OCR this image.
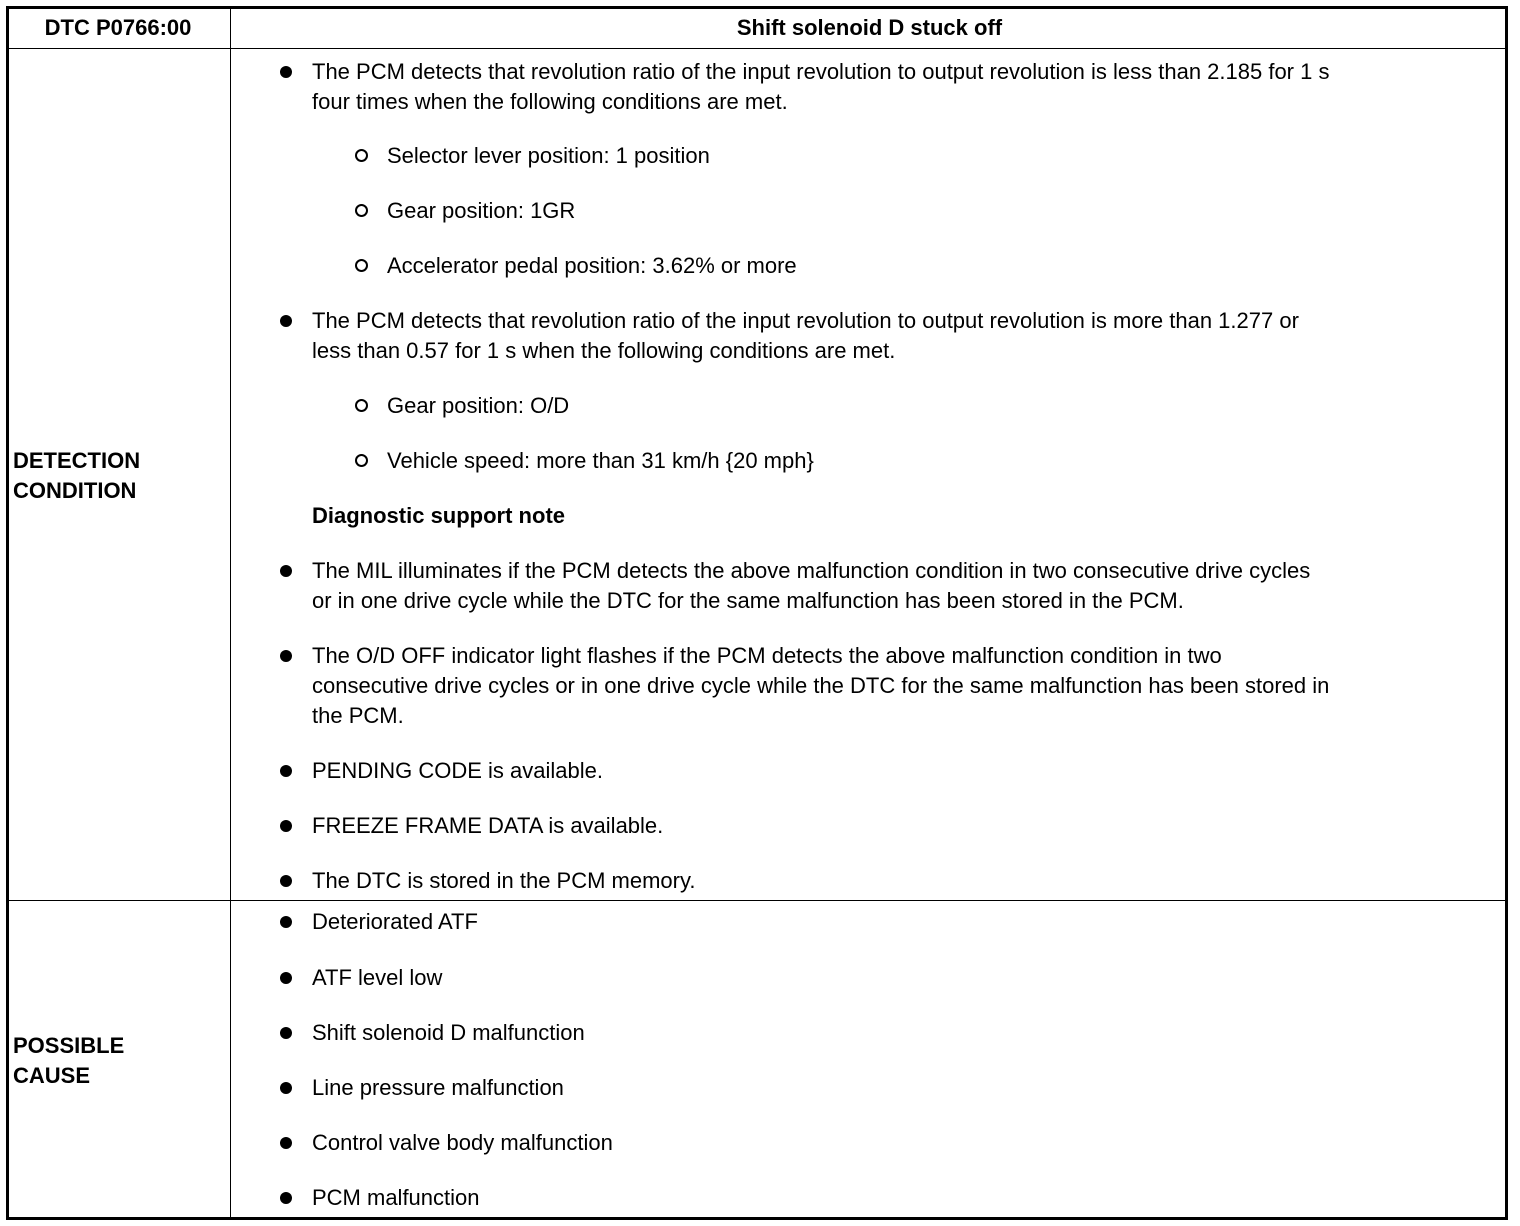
DTC P0766:00	Shift solenoid D stuck off
DETECTION
CONDITION
The PCM detects that revolution ratio of the input revolution to output revolution is less than 2.185 for 1 s
four times when the following conditions are met.
Selector lever position: 1 position
Gear position: 1GR
Accelerator pedal position: 3.62% or more
The PCM detects that revolution ratio of the input revolution to output revolution is more than 1.277 or
less than 0.57 for 1 s when the following conditions are met.
Gear position: O/D
Vehicle speed: more than 31 km/h {20 mph}
Diagnostic support note
The MIL illuminates if the PCM detects the above malfunction condition in two consecutive drive cycles
or in one drive cycle while the DTC for the same malfunction has been stored in the PCM.
The O/D OFF indicator light flashes if the PCM detects the above malfunction condition in two
consecutive drive cycles or in one drive cycle while the DTC for the same malfunction has been stored in
the PCM.
PENDING CODE is available.
FREEZE FRAME DATA is available.
The DTC is stored in the PCM memory.
POSSIBLE
CAUSE
Deteriorated ATF
ATF level low
Shift solenoid D malfunction
Line pressure malfunction
Control valve body malfunction
PCM malfunction
